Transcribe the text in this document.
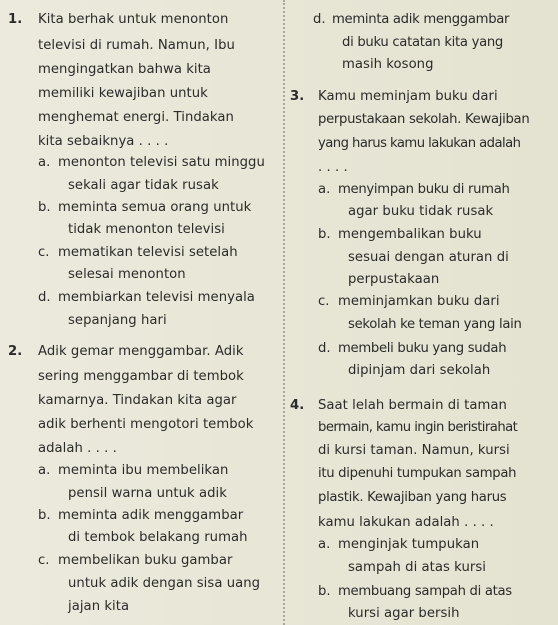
1. Kita berhak untuk menonton
televisi di rumah. Namun, Ibu
mengingatkan bahwa kita
memiliki kewajiban untuk
menghemat energi. Tindakan
kita sebaiknya . . . .
a. menonton televisi satu minggu
sekali agar tidak rusak
b. meminta semua orang untuk
tidak menonton televisi
c. mematikan televisi setelah
selesai menonton
d. membiarkan televisi menyala
sepanjang hari
2. Adik gemar menggambar. Adik
sering menggambar di tembok
kamarnya. Tindakan kita agar
adik berhenti mengotori tembok
adalah . . . .
a. meminta ibu membelikan
pensil warna untuk adik
b. meminta adik menggambar
di tembok belakang rumah
c. membelikan buku gambar
untuk adik dengan sisa uang
jajan kita
d. meminta adik menggambar
di buku catatan kita yang
masih kosong
3. Kamu meminjam buku dari
perpustakaan sekolah. Kewajiban
yang harus kamu lakukan adalah
. . . .
a. menyimpan buku di rumah
agar buku tidak rusak
b. mengembalikan buku
sesuai dengan aturan di
perpustakaan
c. meminjamkan buku dari
sekolah ke teman yang lain
d. membeli buku yang sudah
dipinjam dari sekolah
4. Saat lelah bermain di taman
bermain, kamu ingin beristirahat
di kursi taman. Namun, kursi
itu dipenuhi tumpukan sampah
plastik. Kewajiban yang harus
kamu lakukan adalah . . . .
a. menginjak tumpukan
sampah di atas kursi
b. membuang sampah di atas
kursi agar bersih
